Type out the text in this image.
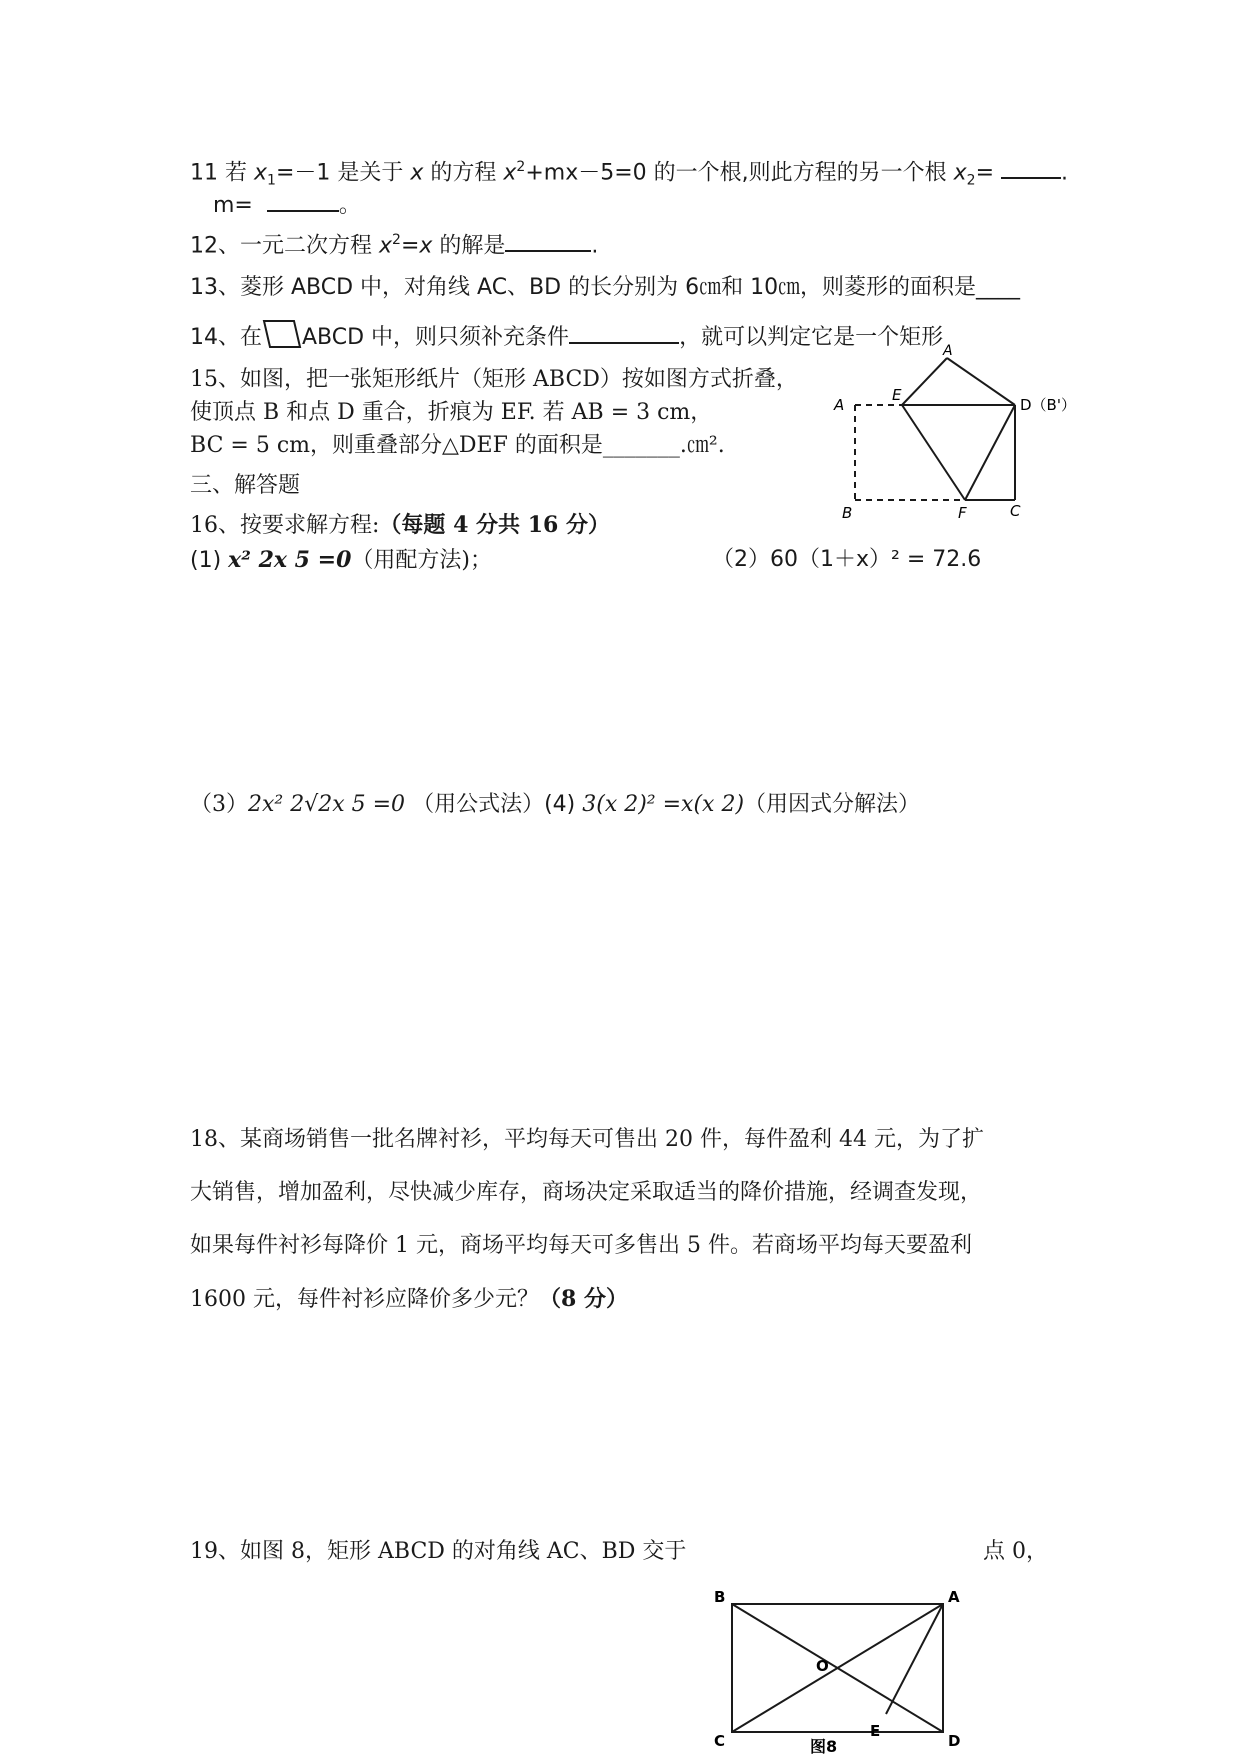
11 若 $x_1=-1$ 是关于 x 的方程 $x^2+mx-5=0$ 的一个根,则此方程的另一个根 $x_2=$	.
m=	。
12、一元二次方程 $x^2=x$ 的解是	.
13、菱形 ABCD 中，对角线 AC、BD 的长分别为 6㎝和 10㎝，则菱形的面积是____
14、在 ABCD 中，则只须补充条件	，就可以判定它是一个矩形
15、如图，把一张矩形纸片（矩形 ABCD）按如图方式折叠，
使顶点 B 和点 D 重合，折痕为 EF. 若 AB = 3 cm，
BC = 5 cm，则重叠部分△DEF 的面积是_______.㎝².
A
A
E
D（B'）
B	F	C
三、解答题
16、按要求解方程:（每题 4 分共 16 分）
(1) x² 2x 5 =0（用配方法)；	（2）60（1＋x）² = 72.6
（3）2x² 2√2x 5 =0 （用公式法）(4) 3(x 2)² =x(x 2)（用因式分解法）
18、某商场销售一批名牌衬衫，平均每天可售出 20 件，每件盈利 44 元，为了扩
大销售，增加盈利，尽快减少库存，商场决定采取适当的降价措施，经调查发现，
如果每件衬衫每降价 1 元，商场平均每天可多售出 5 件。若商场平均每天要盈利
1600 元，每件衬衫应降价多少元？（8 分）
19、如图 8，矩形 ABCD 的对角线 AC、BD 交于	点 0，
B	A
O
E
C	D
图8
